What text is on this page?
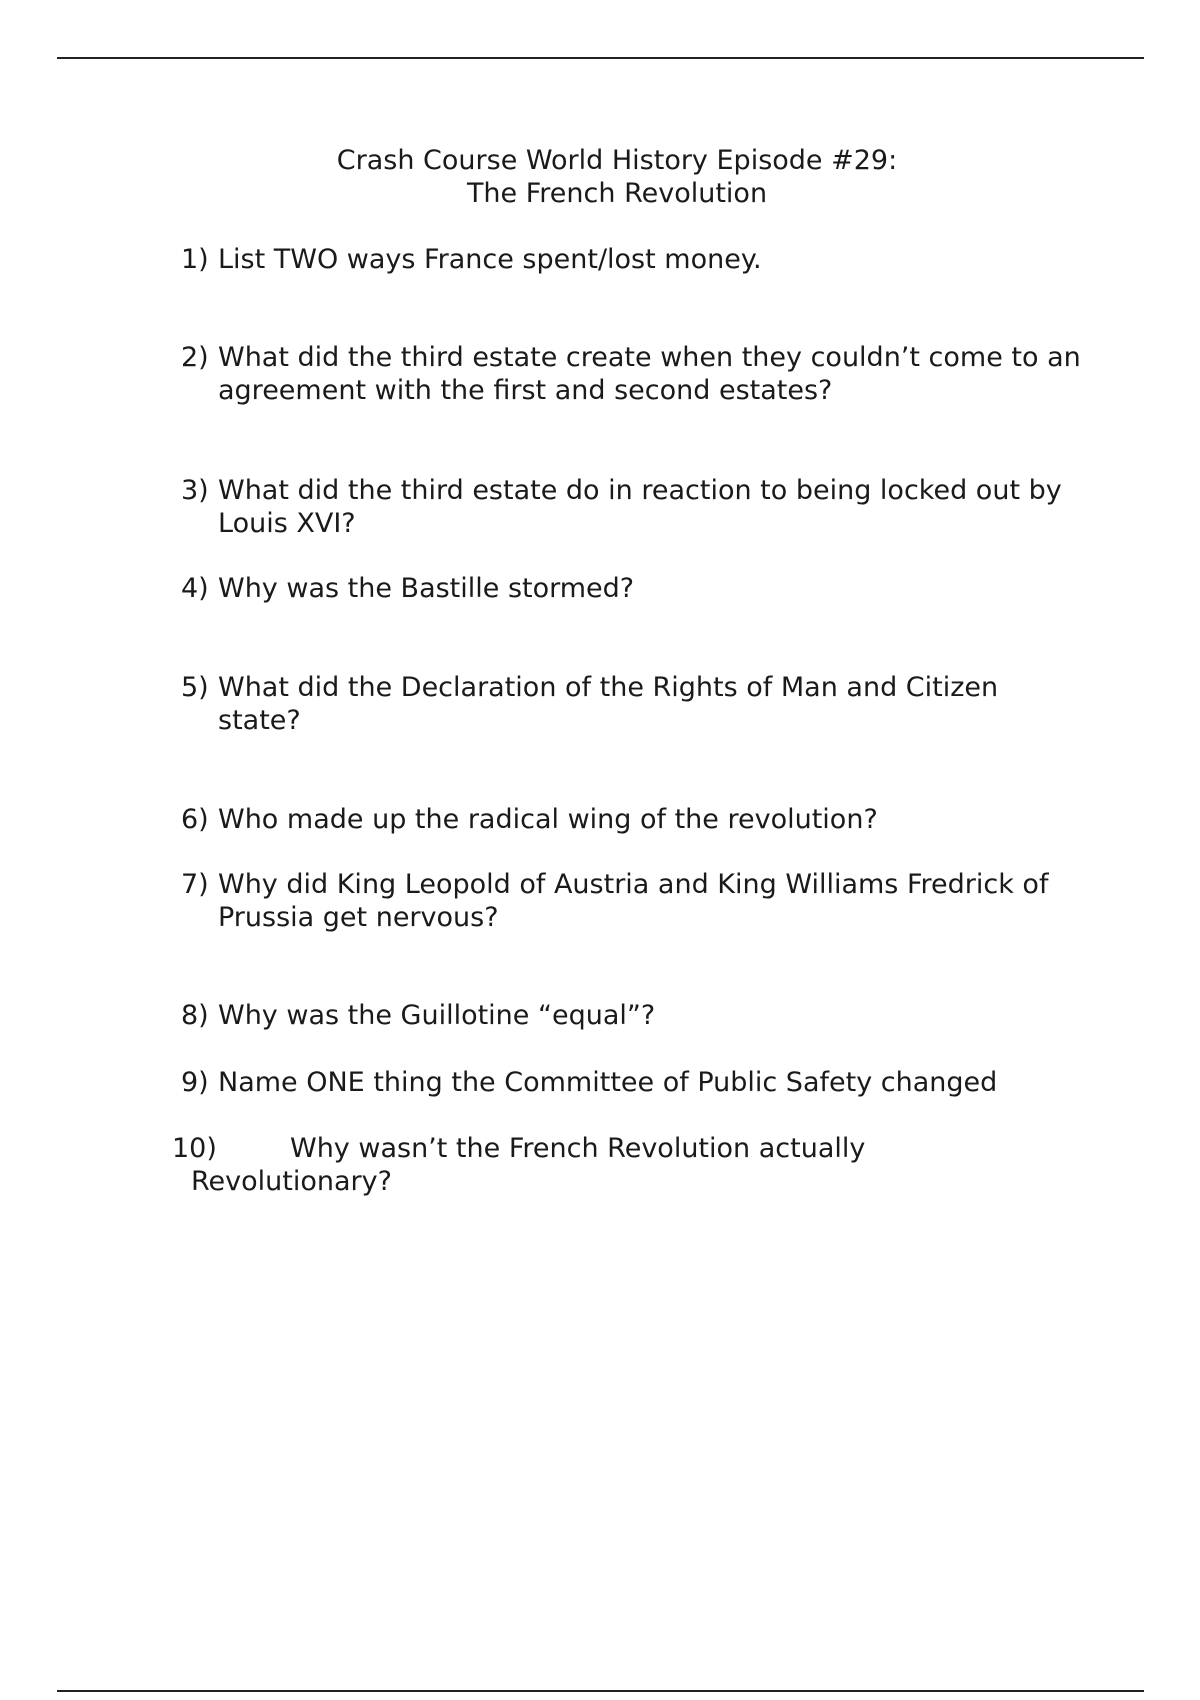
Crash Course World History Episode #29:
The French Revolution
1) List TWO ways France spent/lost money.
2) What did the third estate create when they couldn’t come to an agreement with the first and second estates?
3) What did the third estate do in reaction to being locked out by Louis XVI?
4) Why was the Bastille stormed?
5) What did the Declaration of the Rights of Man and Citizen state?
6) Who made up the radical wing of the revolution?
7) Why did King Leopold of Austria and King Williams Fredrick of Prussia get nervous?
8) Why was the Guillotine “equal”?
9) Name ONE thing the Committee of Public Safety changed
10)	Why wasn’t the French Revolution actually
Revolutionary?
